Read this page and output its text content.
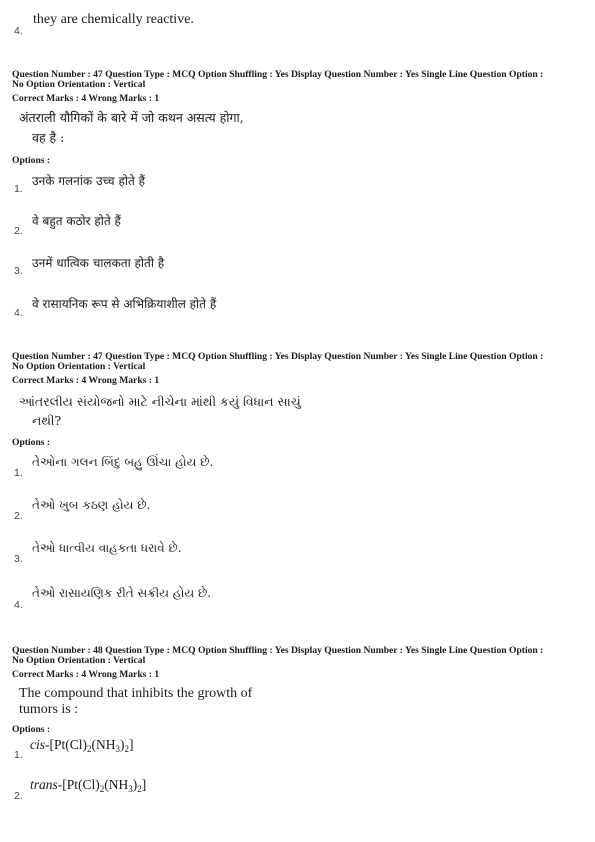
4.
they are chemically reactive.
Question Number : 47 Question Type : MCQ Option Shuffling : Yes Display Question Number : Yes Single Line Question Option :
No Option Orientation : Vertical
Correct Marks : 4 Wrong Marks : 1
अंतराली यौगिकों के बारे में जो कथन असत्य होगा,
वह है :
Options :
1.
उनके गलनांक उच्च होते हैं
2.
वे बहुत कठोर होते हैं
3.
उनमें धात्विक चालकता होती है
4.
वे रासायनिक रूप से अभिक्रियाशील होते हैं
Question Number : 47 Question Type : MCQ Option Shuffling : Yes Display Question Number : Yes Single Line Question Option :
No Option Orientation : Vertical
Correct Marks : 4 Wrong Marks : 1
આંતરલીય સંયોજનો માટે નીચેના માંથી કયું વિધાન સાચું
નથી?
Options :
1.
તેઓના ગલન બિંદુ બહુ ઊંચા હોય છે.
2.
તેઓ ખુબ કઠણ હોય છે.
3.
તેઓ ધાત્વીય વાહકતા ધરાવે છે.
4.
તેઓ રાસાયણિક રીતે સક્રીય હોય છે.
Question Number : 48 Question Type : MCQ Option Shuffling : Yes Display Question Number : Yes Single Line Question Option :
No Option Orientation : Vertical
Correct Marks : 4 Wrong Marks : 1
The compound that inhibits the growth of
tumors is :
Options :
1.
cis-$[Pt(Cl)_2(NH_3)_2]$
2.
trans-$[Pt(Cl)_2(NH_3)_2]$
